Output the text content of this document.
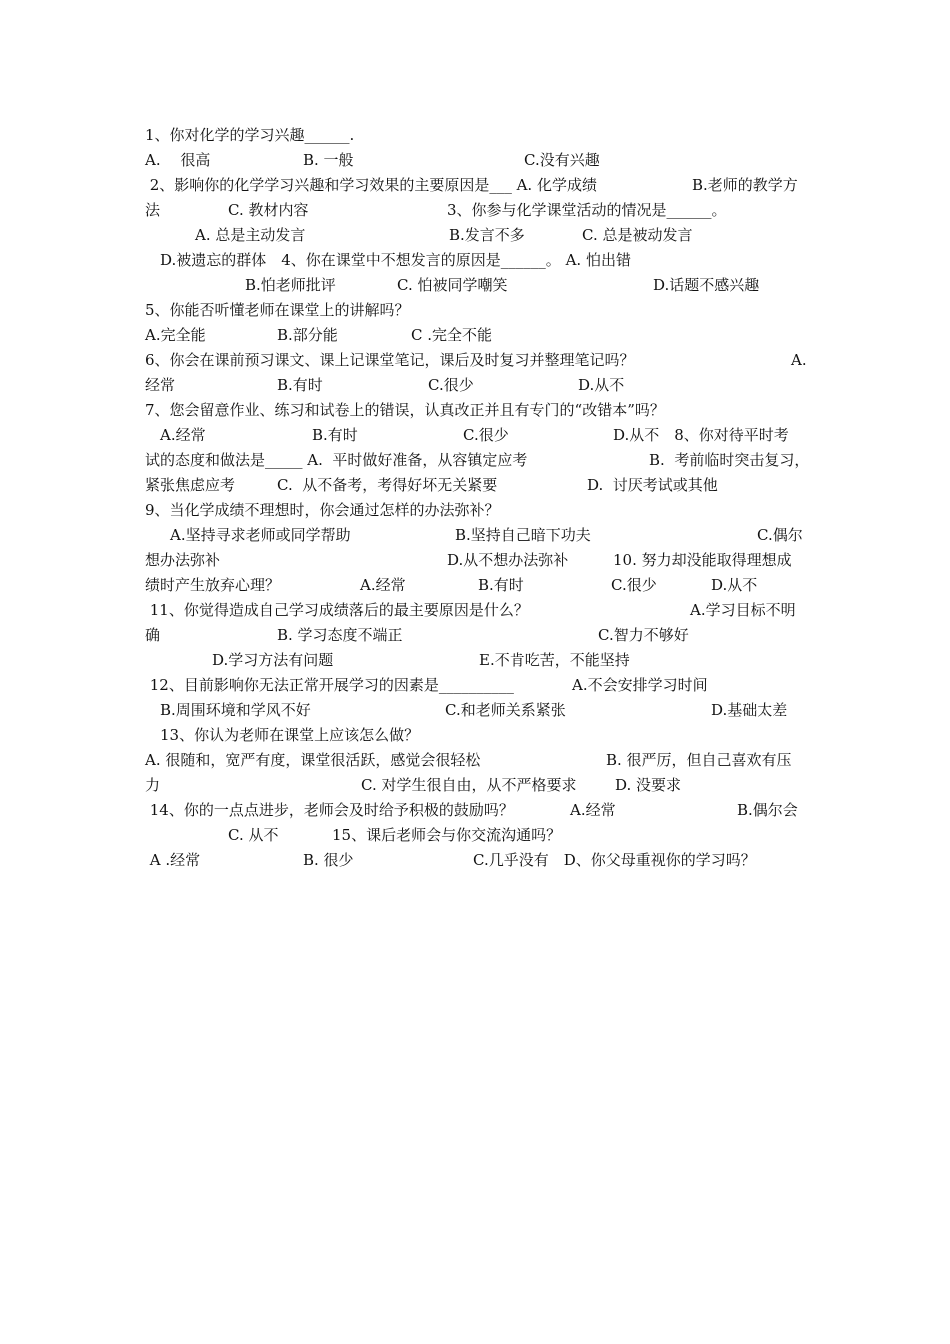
1、你对化学的学习兴趣______.
A.　 很高	B. 一般	C.没有兴趣
2、影响你的化学学习兴趣和学习效果的主要原因是___ A. 化学成绩	B.老师的教学方
法	C. 教材内容	3、你参与化学课堂活动的情况是______。
A. 总是主动发言	B.发言不多	C. 总是被动发言
D.被遗忘的群体　4、你在课堂中不想发言的原因是______。 A. 怕出错
B.怕老师批评	C. 怕被同学嘲笑	D.话题不感兴趣
5、你能否听懂老师在课堂上的讲解吗？
A.完全能	B.部分能	C .完全不能
6、你会在课前预习课文、课上记课堂笔记，课后及时复习并整理笔记吗？	A.
经常	B.有时	C.很少	D.从不
7、您会留意作业、练习和试卷上的错误，认真改正并且有专门的“改错本”吗？
A.经常	B.有时	C.很少	D.从不　8、你对待平时考
试的态度和做法是_____ A.  平时做好准备，从容镇定应考	B.  考前临时突击复习，
紧张焦虑应考	C.  从不备考，考得好坏无关紧要	D.  讨厌考试或其他
9、当化学成绩不理想时，你会通过怎样的办法弥补？
A.坚持寻求老师或同学帮助	B.坚持自己暗下功夫	C.偶尔
想办法弥补	D.从不想办法弥补	10. 努力却没能取得理想成
绩时产生放弃心理？	A.经常	B.有时	C.很少	D.从不
11、你觉得造成自己学习成绩落后的最主要原因是什么？	A.学习目标不明
确	B. 学习态度不端正	C.智力不够好
D.学习方法有问题	E.不肯吃苦，不能坚持
12、目前影响你无法正常开展学习的因素是__________	A.不会安排学习时间
B.周围环境和学风不好	C.和老师关系紧张	D.基础太差
13、你认为老师在课堂上应该怎么做？
A. 很随和，宽严有度，课堂很活跃，感觉会很轻松	B. 很严厉，但自己喜欢有压
力	C. 对学生很自由，从不严格要求	D. 没要求
14、你的一点点进步，老师会及时给予积极的鼓励吗？	A.经常	B.偶尔会
C. 从不	15、课后老师会与你交流沟通吗？
A .经常	B. 很少	C.几乎没有　D、你父母重视你的学习吗？
